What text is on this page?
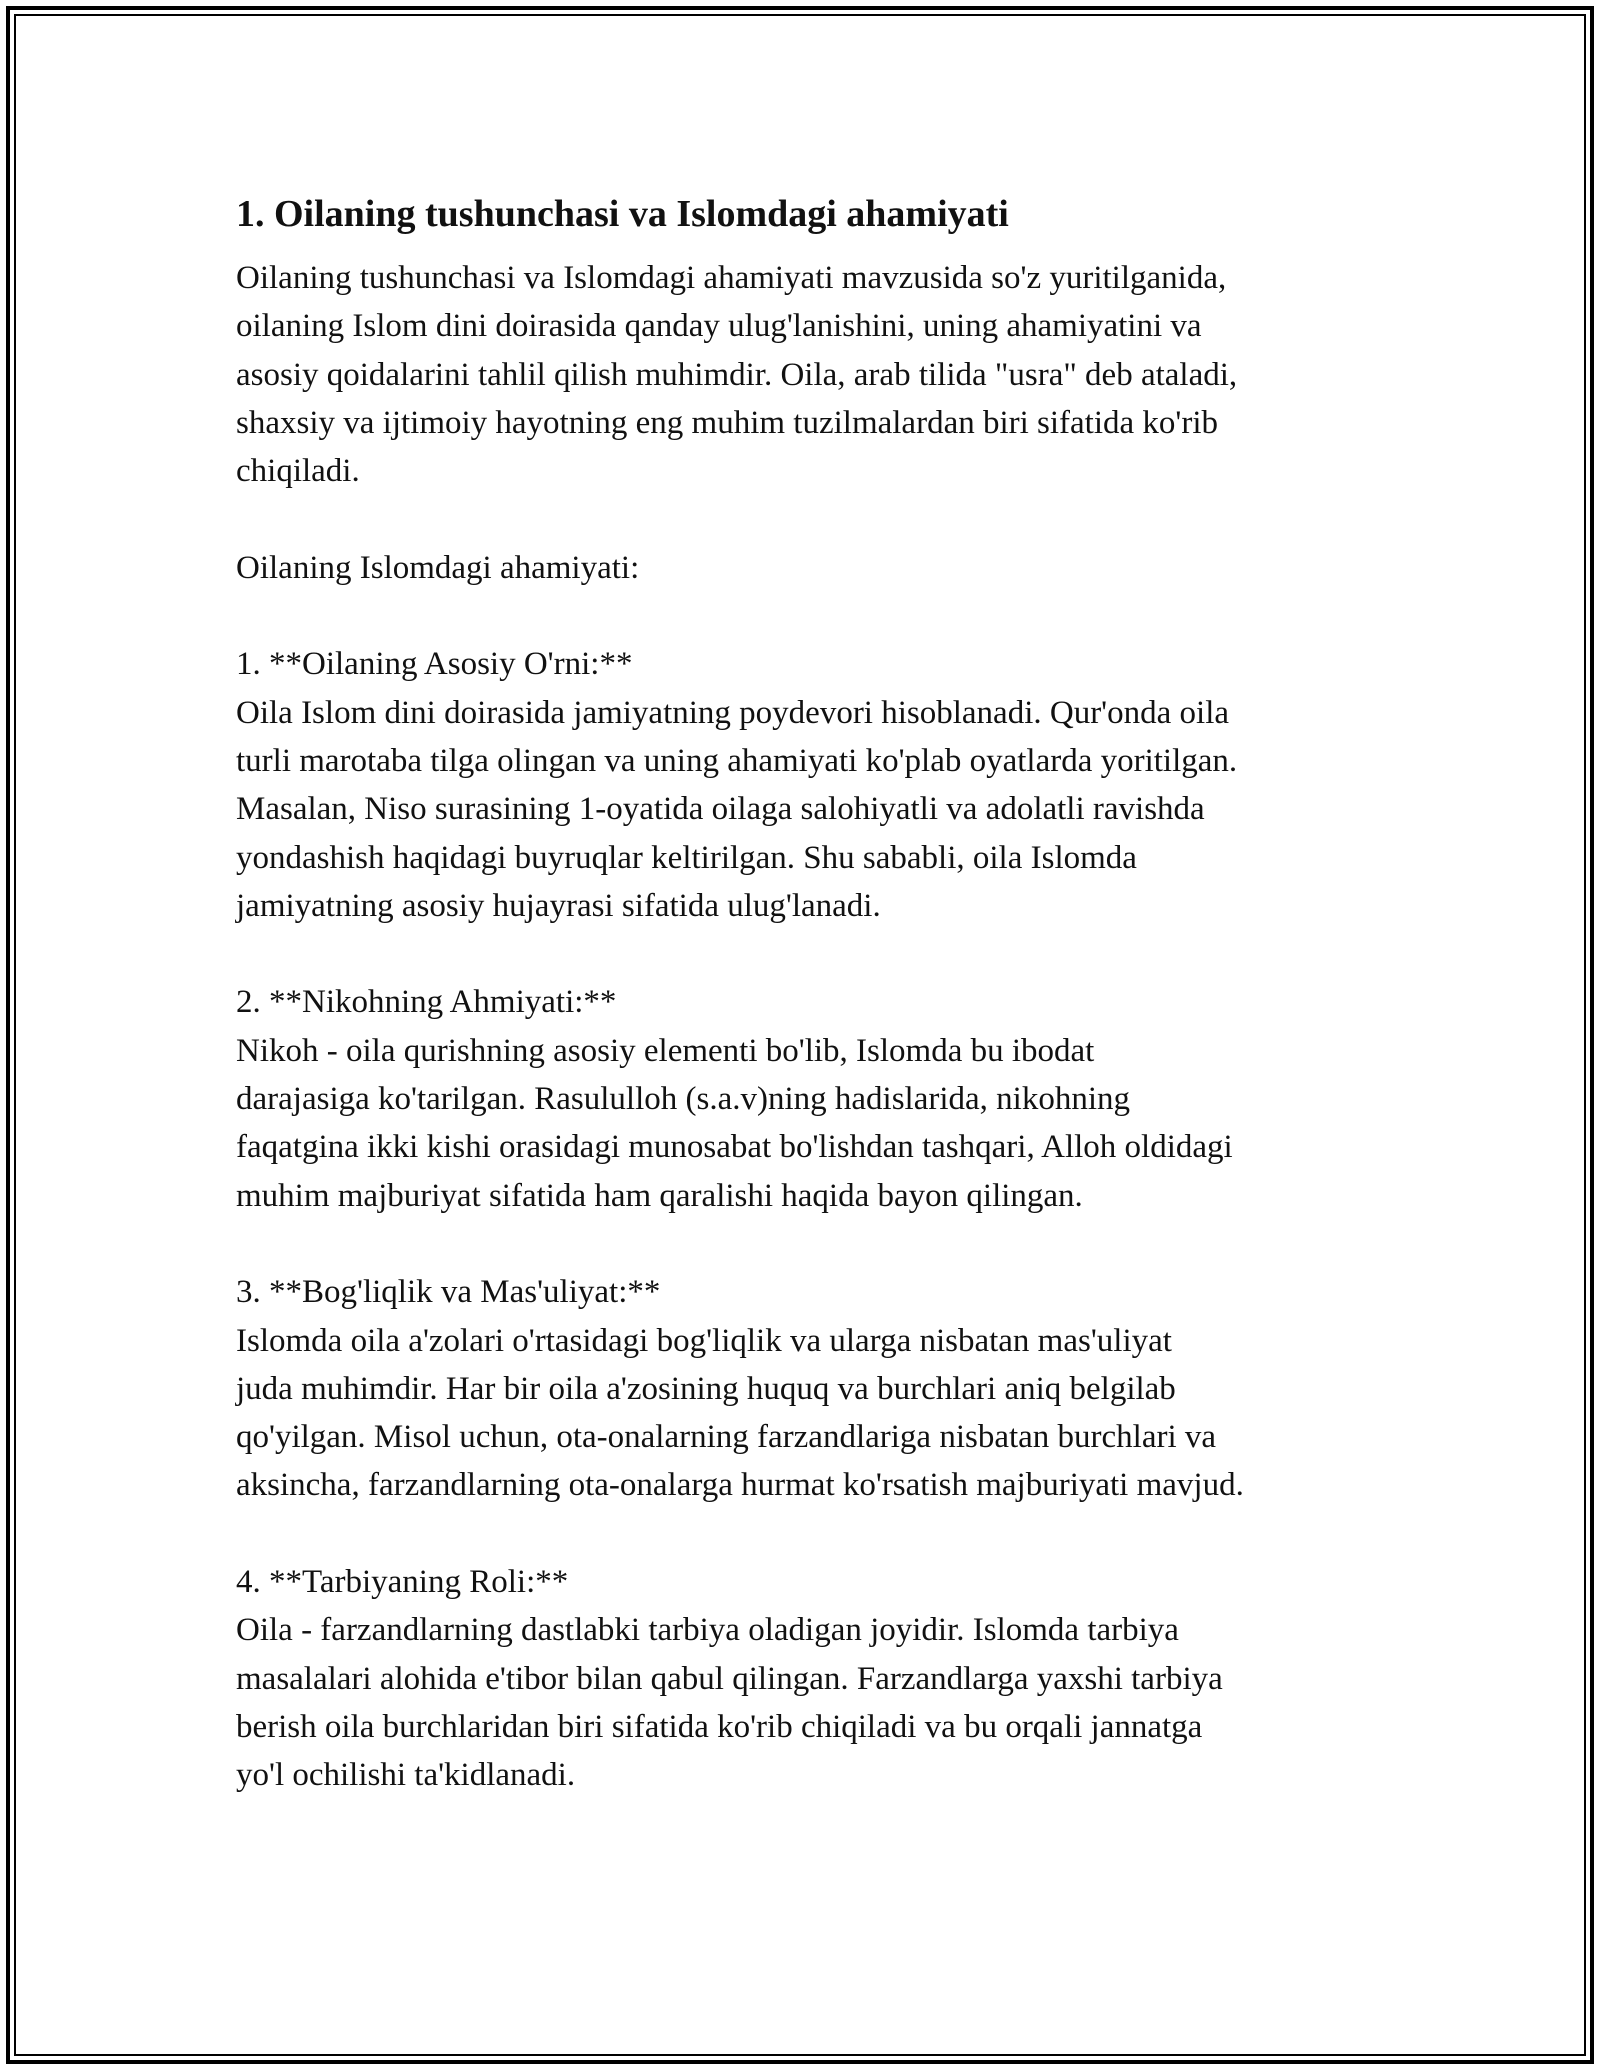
1. Oilaning tushunchasi va Islomdagi ahamiyati
Oilaning tushunchasi va Islomdagi ahamiyati mavzusida so'z yuritilganida,
oilaning Islom dini doirasida qanday ulug'lanishini, uning ahamiyatini va
asosiy qoidalarini tahlil qilish muhimdir. Oila, arab tilida "usra" deb ataladi,
shaxsiy va ijtimoiy hayotning eng muhim tuzilmalardan biri sifatida ko'rib
chiqiladi.

Oilaning Islomdagi ahamiyati:

1. **Oilaning Asosiy O'rni:**
Oila Islom dini doirasida jamiyatning poydevori hisoblanadi. Qur'onda oila
turli marotaba tilga olingan va uning ahamiyati ko'plab oyatlarda yoritilgan.
Masalan, Niso surasining 1-oyatida oilaga salohiyatli va adolatli ravishda
yondashish haqidagi buyruqlar keltirilgan. Shu sababli, oila Islomda
jamiyatning asosiy hujayrasi sifatida ulug'lanadi.

2. **Nikohning Ahmiyati:**
Nikoh - oila qurishning asosiy elementi bo'lib, Islomda bu ibodat
darajasiga ko'tarilgan. Rasululloh (s.a.v)ning hadislarida, nikohning
faqatgina ikki kishi orasidagi munosabat bo'lishdan tashqari, Alloh oldidagi
muhim majburiyat sifatida ham qaralishi haqida bayon qilingan.

3. **Bog'liqlik va Mas'uliyat:**
Islomda oila a'zolari o'rtasidagi bog'liqlik va ularga nisbatan mas'uliyat
juda muhimdir. Har bir oila a'zosining huquq va burchlari aniq belgilab
qo'yilgan. Misol uchun, ota-onalarning farzandlariga nisbatan burchlari va
aksincha, farzandlarning ota-onalarga hurmat ko'rsatish majburiyati mavjud.

4. **Tarbiyaning Roli:**
Oila - farzandlarning dastlabki tarbiya oladigan joyidir. Islomda tarbiya
masalalari alohida e'tibor bilan qabul qilingan. Farzandlarga yaxshi tarbiya
berish oila burchlaridan biri sifatida ko'rib chiqiladi va bu orqali jannatga
yo'l ochilishi ta'kidlanadi.
